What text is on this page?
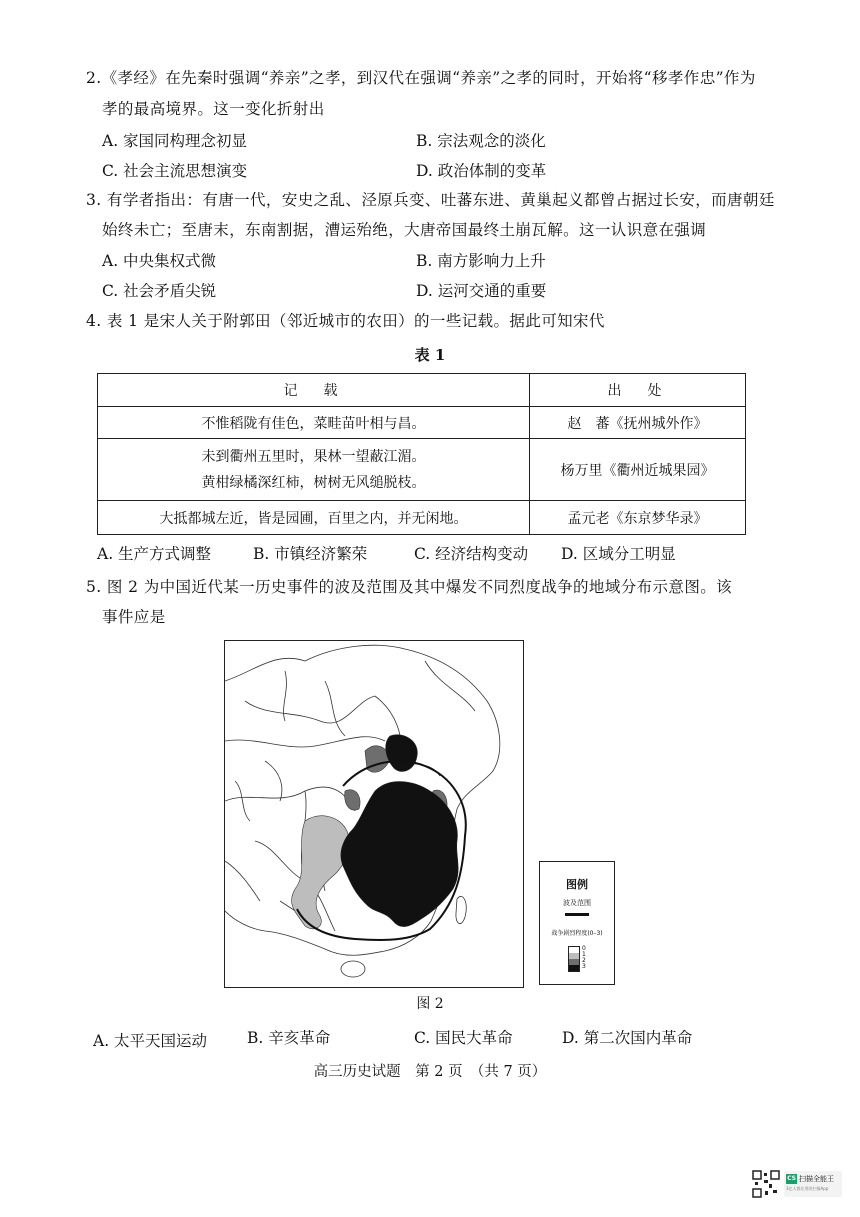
2.《孝经》在先秦时强调“养亲”之孝，到汉代在强调“养亲”之孝的同时，开始将“移孝作忠”作为
孝的最高境界。这一变化折射出
A. 家国同构理念初显	B. 宗法观念的淡化
C. 社会主流思想演变	D. 政治体制的变革
3. 有学者指出：有唐一代，安史之乱、泾原兵变、吐蕃东进、黄巢起义都曾占据过长安，而唐朝廷
始终未亡；至唐末，东南割据，漕运殆绝，大唐帝国最终土崩瓦解。这一认识意在强调
A. 中央集权式微	B. 南方影响力上升
C. 社会矛盾尖锐	D. 运河交通的重要
4. 表 1 是宋人关于附郭田（邻近城市的农田）的一些记载。据此可知宋代
表 1
记　载	出　处

不惟稻陇有佳色，菜畦苗叶相与昌。	赵　蕃《抚州城外作》

未到衢州五里时，果林一望蔽江湄。
黄柑绿橘深红柿，树树无风缒脱枝。	杨万里《衢州近城果园》

大抵都城左近，皆是园圃，百里之内，并无闲地。	孟元老《东京梦华录》
A. 生产方式调整	B. 市镇经济繁荣	C. 经济结构变动 D. 区域分工明显
5. 图 2 为中国近代某一历史事件的波及范围及其中爆发不同烈度战争的地域分布示意图。该
事件应是
图例
波及范围
战争剧烈程度(0–3)
0
1
2
3
图 2
A. 太平天国运动	B. 辛亥革命	C. 国民大革命	D. 第二次国内革命
高三历史试题　第 2 页　（共 7 页）
CS 扫描全能王
3亿人都在用的扫描App
